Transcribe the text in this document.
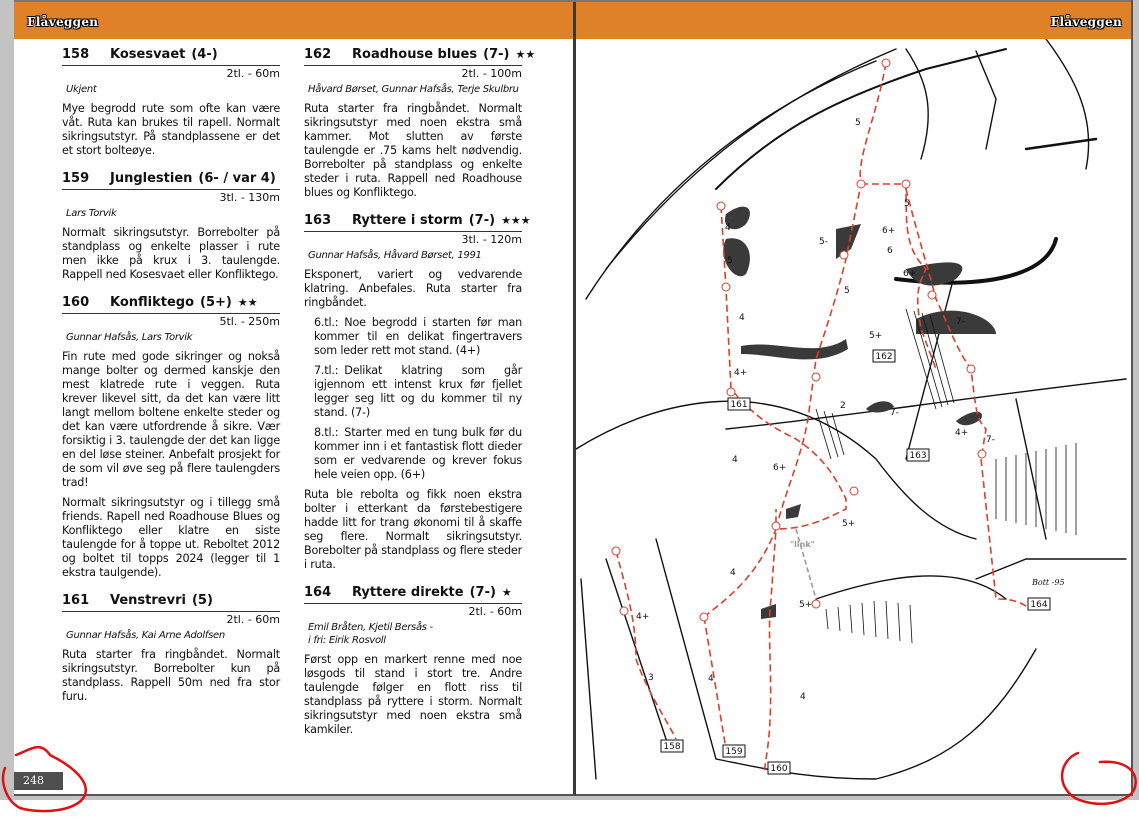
Flåveggen	Flåveggen
158	Kosesvaet (4-)
2tl. - 60m
Ukjent
Mye begrodd rute som ofte kan være våt. Ruta kan brukes til rapell. Normalt sikringsutstyr. På standplassene er det et stort bolteøye.
159	Junglestien (6- / var 4)
3tl. - 130m
Lars Torvik
Normalt sikringsutstyr. Borrebolter på standplass og enkelte plasser i rute men ikke på krux i 3. taulengde. Rappell ned Kosesvaet eller Konfliktego.
160	Konfliktego (5+) ★★
5tl. - 250m
Gunnar Hafsås, Lars Torvik
Fin rute med gode sikringer og nokså mange bolter og dermed kanskje den mest klatrede rute i veggen. Ruta krever likevel sitt, da det kan være litt langt mellom boltene enkelte steder og det kan være utfordrende å sikre. Vær forsiktig i 3. taulengde der det kan ligge en del løse steiner. Anbefalt prosjekt for de som vil øve seg på flere taulengders trad!
Normalt sikringsutstyr og i tillegg små friends. Rapell ned Roadhouse Blues og Konfliktego eller klatre en siste taulengde for å toppe ut. Reboltet 2012 og boltet til topps 2024 (legger til 1 ekstra taulgende).
161	Venstrevri (5)
2tl. - 60m
Gunnar Hafsås, Kai Arne Adolfsen
Ruta starter fra ringbåndet. Normalt sikringsutstyr. Borrebolter kun på standplass. Rappell 50m ned fra stor furu.
162	Roadhouse blues (7-) ★★
2tl. - 100m
Håvard Børset, Gunnar Hafsås, Terje Skulbru
Ruta starter fra ringbåndet. Normalt sikringsutstyr med noen ekstra små kammer. Mot slutten av første taulengde er .75 kams helt nødvendig. Borrebolter på standplass og enkelte steder i ruta. Rappell ned Roadhouse blues og Konfliktego.
163	Ryttere i storm (7-) ★★★
3tl. - 120m
Gunnar Hafsås, Håvard Børset, 1991
Eksponert, variert og vedvarende klatring. Anbefales. Ruta starter fra ringbåndet.
6.tl.: Noe begrodd i starten før man kommer til en delikat fingertravers som leder rett mot stand. (4+)
7.tl.: Delikat klatring som går igjennom ett intenst krux før fjellet legger seg litt og du kommer til ny stand. (7-)
8.tl.: Starter med en tung bulk før du kommer inn i et fantastisk flott dieder som er vedvarende og krever fokus hele veien opp. (6+)
Ruta ble rebolta og fikk noen ekstra bolter i etterkant da førstebestigere hadde litt for trang økonomi til å skaffe seg flere. Normalt sikringsutstyr. Borebolter på standplass og flere steder i ruta.
164	Ryttere direkte (7-) ★
2tl. - 60m
Emil Bråten, Kjetil Bersås -
i fri: Eirik Rosvoll
Først opp en markert renne med noe løsgods til stand i stort tre. Andre taulengde følger en flott riss til standplass på ryttere i storm. Normalt sikringsutstyr med noen ekstra små kamkiler.
248
158	159
160
161
162
163
164
5
5
4
5
5-
6+
6
6+
5
4
5+
4+
2
7-
7-
4+
7-
4
6+
5+
4
4+
3	4
5+
4
"link"
Bott -95
